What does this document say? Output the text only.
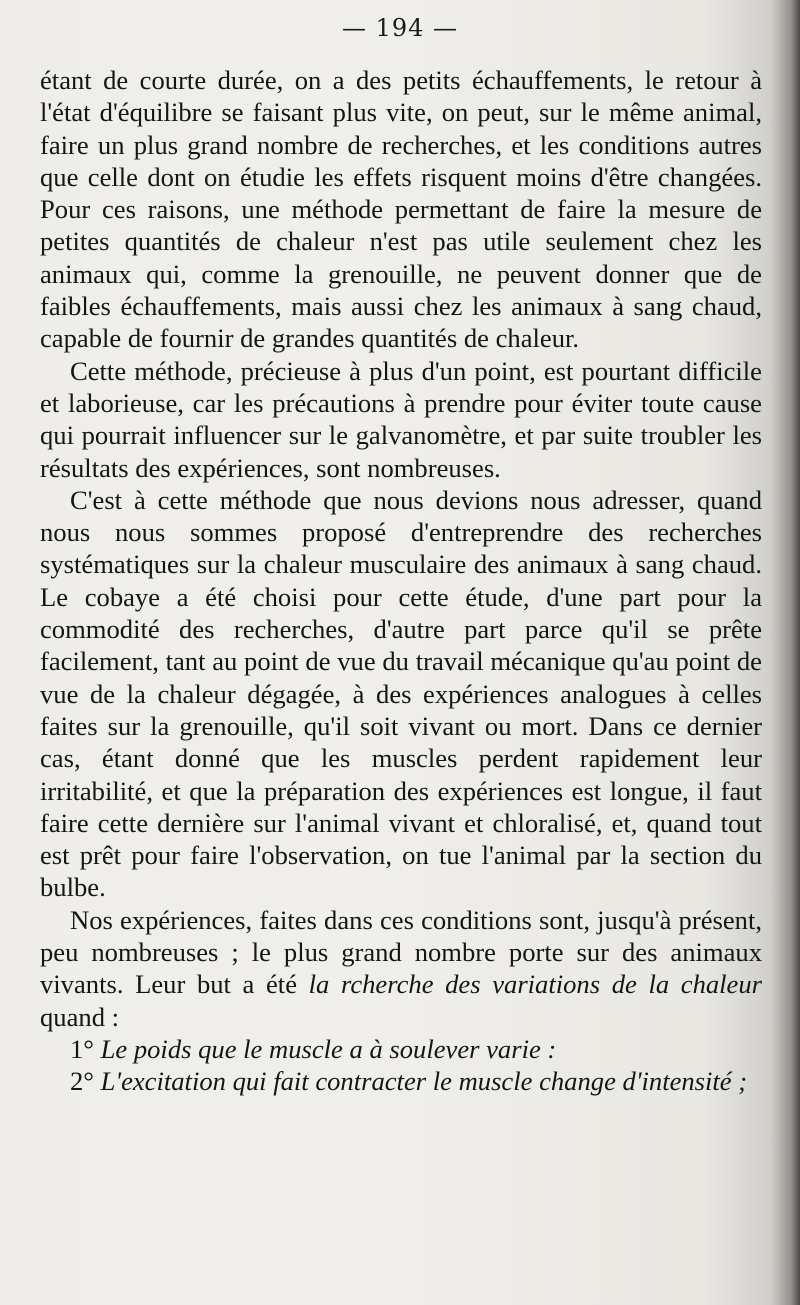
— 194 —

étant de courte durée, on a des petits échauffements, le retour à l'état d'équilibre se faisant plus vite, on peut, sur le même animal, faire un plus grand nombre de recherches, et les conditions autres que celle dont on étudie les effets risquent moins d'être changées. Pour ces raisons, une méthode permettant de faire la mesure de petites quantités de chaleur n'est pas utile seulement chez les animaux qui, comme la grenouille, ne peuvent donner que de faibles échauffements, mais aussi chez les animaux à sang chaud, capable de fournir de grandes quantités de chaleur.

Cette méthode, précieuse à plus d'un point, est pourtant difficile et laborieuse, car les précautions à prendre pour éviter toute cause qui pourrait influencer sur le galvanomètre, et par suite troubler les résultats des expériences, sont nombreuses.

C'est à cette méthode que nous devions nous adresser, quand nous nous sommes proposé d'entreprendre des recherches systématiques sur la chaleur musculaire des animaux à sang chaud. Le cobaye a été choisi pour cette étude, d'une part pour la commodité des recherches, d'autre part parce qu'il se prête facilement, tant au point de vue du travail mécanique qu'au point de vue de la chaleur dégagée, à des expériences analogues à celles faites sur la grenouille, qu'il soit vivant ou mort. Dans ce dernier cas, étant donné que les muscles perdent rapidement leur irritabilité, et que la préparation des expériences est longue, il faut faire cette dernière sur l'animal vivant et chloralisé, et, quand tout est prêt pour faire l'observation, on tue l'animal par la section du bulbe.

Nos expériences, faites dans ces conditions sont, jusqu'à présent, peu nombreuses ; le plus grand nombre porte sur des animaux vivants. Leur but a été la rcherche des variations de la chaleur quand :

1° Le poids que le muscle a à soulever varie :

2° L'excitation qui fait contracter le muscle change d'intensité ;
